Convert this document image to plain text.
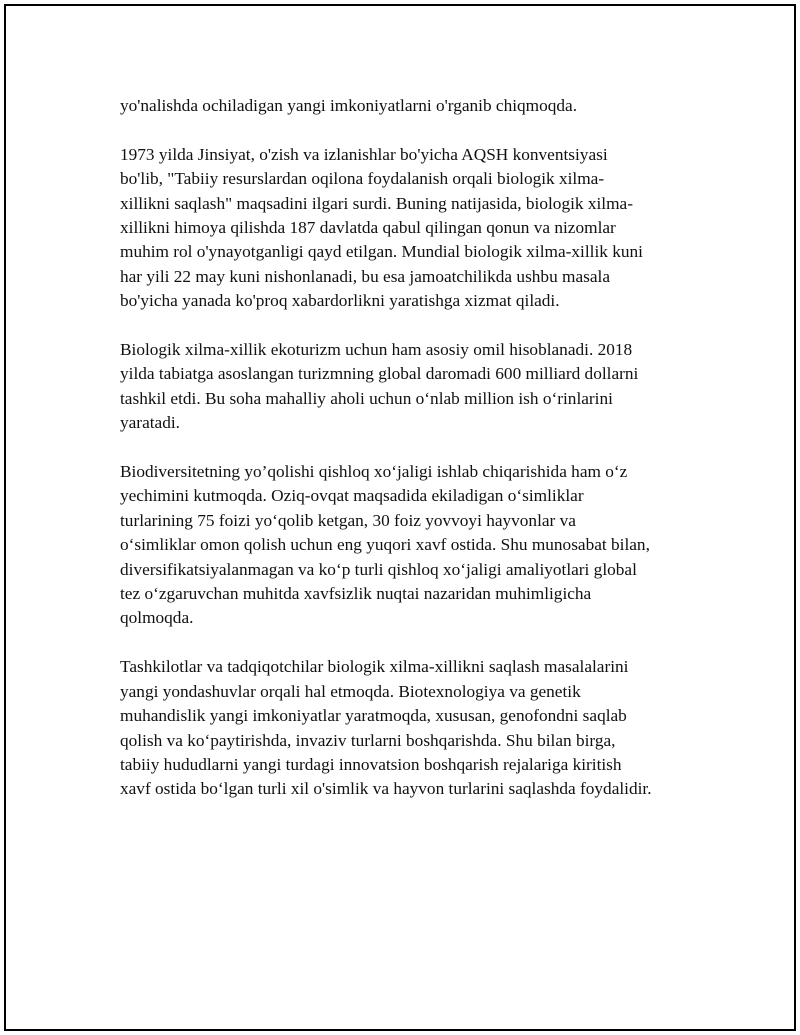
yo'nalishda ochiladigan yangi imkoniyatlarni o'rganib chiqmoqda.

1973 yilda Jinsiyat, o'zish va izlanishlar bo'yicha AQSH konventsiyasi
bo'lib, "Tabiiy resurslardan oqilona foydalanish orqali biologik xilma-
xillikni saqlash" maqsadini ilgari surdi. Buning natijasida, biologik xilma-
xillikni himoya qilishda 187 davlatda qabul qilingan qonun va nizomlar
muhim rol o'ynayotganligi qayd etilgan. Mundial biologik xilma-xillik kuni
har yili 22 may kuni nishonlanadi, bu esa jamoatchilikda ushbu masala
bo'yicha yanada ko'proq xabardorlikni yaratishga xizmat qiladi.

Biologik xilma-xillik ekoturizm uchun ham asosiy omil hisoblanadi. 2018
yilda tabiatga asoslangan turizmning global daromadi 600 milliard dollarni
tashkil etdi. Bu soha mahalliy aholi uchun o‘nlab million ish o‘rinlarini
yaratadi.

Biodiversitetning yo’qolishi qishloq xo‘jaligi ishlab chiqarishida ham o‘z
yechimini kutmoqda. Oziq-ovqat maqsadida ekiladigan o‘simliklar
turlarining 75 foizi yo‘qolib ketgan, 30 foiz yovvoyi hayvonlar va
o‘simliklar omon qolish uchun eng yuqori xavf ostida. Shu munosabat bilan,
diversifikatsiyalanmagan va ko‘p turli qishloq xo‘jaligi amaliyotlari global
tez o‘zgaruvchan muhitda xavfsizlik nuqtai nazaridan muhimligicha
qolmoqda.

Tashkilotlar va tadqiqotchilar biologik xilma-xillikni saqlash masalalarini
yangi yondashuvlar orqali hal etmoqda. Biotexnologiya va genetik
muhandislik yangi imkoniyatlar yaratmoqda, xususan, genofondni saqlab
qolish va ko‘paytirishda, invaziv turlarni boshqarishda. Shu bilan birga,
tabiiy hududlarni yangi turdagi innovatsion boshqarish rejalariga kiritish
xavf ostida bo‘lgan turli xil o'simlik va hayvon turlarini saqlashda foydalidir.
